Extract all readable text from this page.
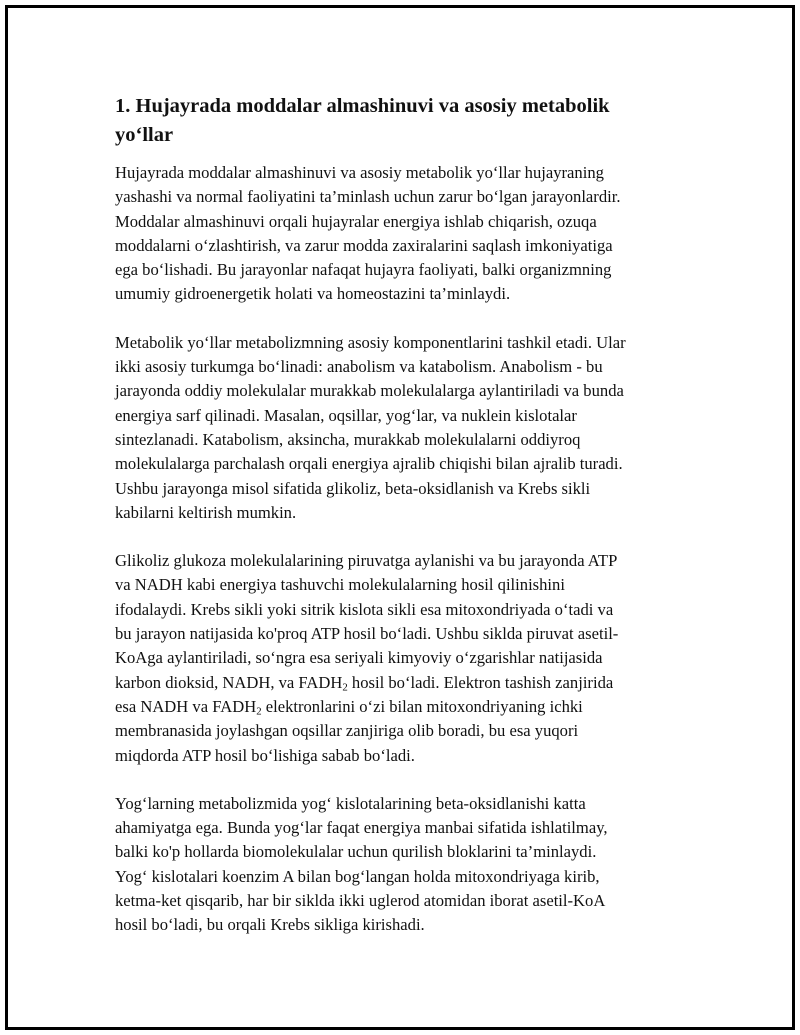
1. Hujayrada moddalar almashinuvi va asosiy metabolik
yo‘llar
Hujayrada moddalar almashinuvi va asosiy metabolik yo‘llar hujayraning
yashashi va normal faoliyatini ta’minlash uchun zarur bo‘lgan jarayonlardir.
Moddalar almashinuvi orqali hujayralar energiya ishlab chiqarish, ozuqa
moddalarni o‘zlashtirish, va zarur modda zaxiralarini saqlash imkoniyatiga
ega bo‘lishadi. Bu jarayonlar nafaqat hujayra faoliyati, balki organizmning
umumiy gidroenergetik holati va homeostazini ta’minlaydi.
Metabolik yo‘llar metabolizmning asosiy komponentlarini tashkil etadi. Ular
ikki asosiy turkumga bo‘linadi: anabolism va katabolism. Anabolism - bu
jarayonda oddiy molekulalar murakkab molekulalarga aylantiriladi va bunda
energiya sarf qilinadi. Masalan, oqsillar, yog‘lar, va nuklein kislotalar
sintezlanadi. Katabolism, aksincha, murakkab molekulalarni oddiyroq
molekulalarga parchalash orqali energiya ajralib chiqishi bilan ajralib turadi.
Ushbu jarayonga misol sifatida glikoliz, beta-oksidlanish va Krebs sikli
kabilarni keltirish mumkin.
Glikoliz glukoza molekulalarining piruvatga aylanishi va bu jarayonda ATP
va NADH kabi energiya tashuvchi molekulalarning hosil qilinishini
ifodalaydi. Krebs sikli yoki sitrik kislota sikli esa mitoxondriyada o‘tadi va
bu jarayon natijasida ko'proq ATP hosil bo‘ladi. Ushbu siklda piruvat asetil-
KoAga aylantiriladi, so‘ngra esa seriyali kimyoviy o‘zgarishlar natijasida
karbon dioksid, NADH, va $FADH_2$ hosil bo‘ladi. Elektron tashish zanjirida
esa NADH va $FADH_2$ elektronlarini o‘zi bilan mitoxondriyaning ichki
membranasida joylashgan oqsillar zanjiriga olib boradi, bu esa yuqori
miqdorda ATP hosil bo‘lishiga sabab bo‘ladi.
Yog‘larning metabolizmida yog‘ kislotalarining beta-oksidlanishi katta
ahamiyatga ega. Bunda yog‘lar faqat energiya manbai sifatida ishlatilmay,
balki ko'p hollarda biomolekulalar uchun qurilish bloklarini ta’minlaydi.
Yog‘ kislotalari koenzim A bilan bog‘langan holda mitoxondriyaga kirib,
ketma-ket qisqarib, har bir siklda ikki uglerod atomidan iborat asetil-KoA
hosil bo‘ladi, bu orqali Krebs sikliga kirishadi.
